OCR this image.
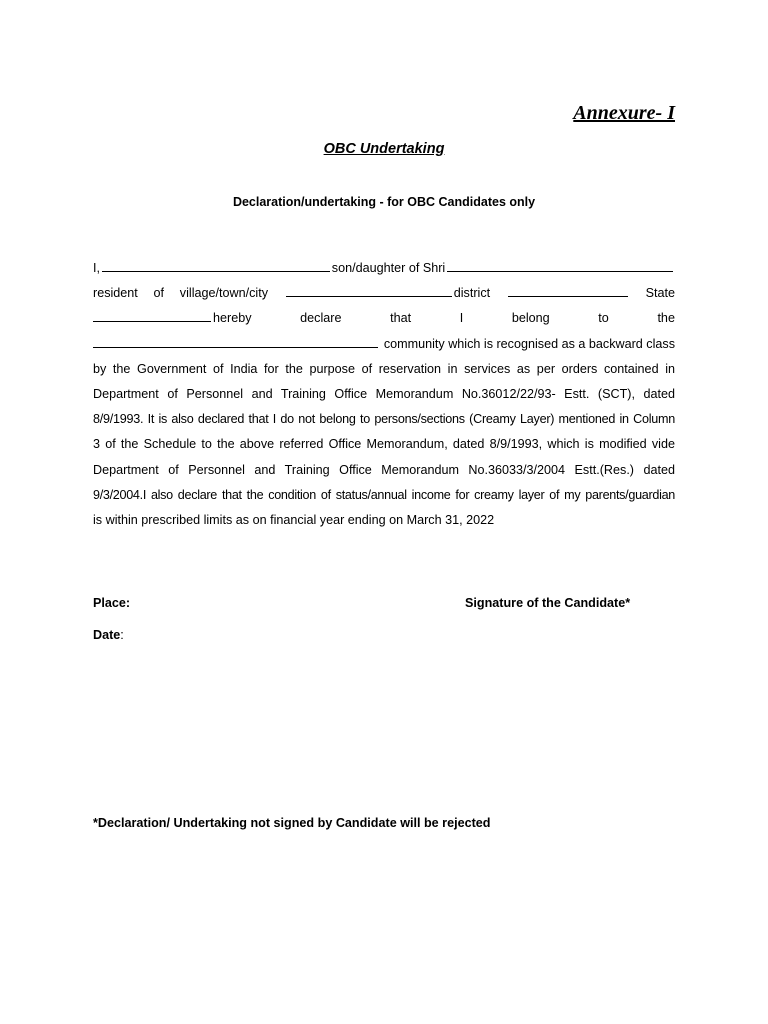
Annexure- I
OBC Undertaking
Declaration/undertaking - for OBC Candidates only
I,	son/daughter of Shri
resident of village/town/city	district	State
hereby	declare	that	I	belong	to	the
community which is recognised as a backward class
by the Government of India for the purpose of reservation in services as per orders contained in
Department of Personnel and Training Office Memorandum No.36012/22/93- Estt. (SCT), dated
8/9/1993. It is also declared that I do not belong to persons/sections (Creamy Layer) mentioned in Column
3 of the Schedule to the above referred Office Memorandum, dated 8/9/1993, which is modified vide
Department of Personnel and Training Office Memorandum No.36033/3/2004 Estt.(Res.) dated
9/3/2004.I also declare that the condition of status/annual income for creamy layer of my parents/guardian
is within prescribed limits as on financial year ending on March 31, 2022
Place:	Signature of the Candidate*
Date:
*Declaration/ Undertaking not signed by Candidate will be rejected
